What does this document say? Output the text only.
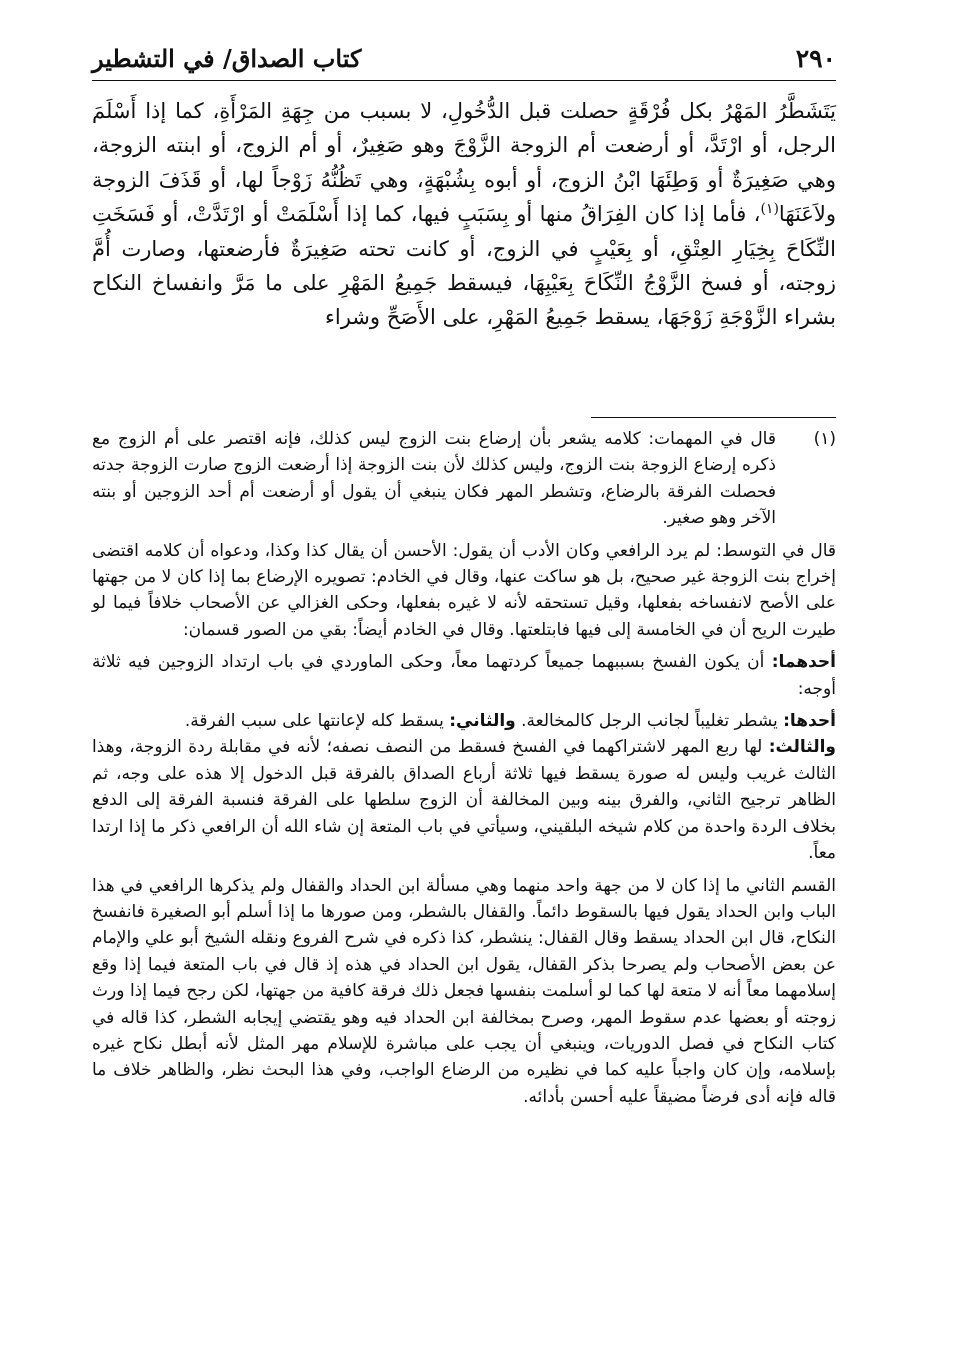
٢٩٠
كتاب الصداق/ في التشطير
يَتَشَطَّرُ المَهْرُ بكل فُرْقَةٍ حصلت قبل الدُّخُولِ، لا بسبب من جِهَةِ المَرْأَةِ، كما إذا أَسْلَمَ الرجل، أو ارْتَدَّ، أو أرضعت أم الزوجة الزَّوْجَ وهو صَغِيرٌ، أو أم الزوج، أو ابنته الزوجة، وهي صَغِيرَةٌ أو وَطِئَهَا ابْنُ الزوج، أو أبوه بِشُبْهَةٍ، وهي تَظُنُّهُ زَوْجاً لها، أو قَذَفَ الزوجة ولاَعَنَهَا$^{(١)}$، فأما إذا كان الفِرَاقُ منها أو بِسَبَبٍ فيها، كما إذا أَسْلَمَتْ أو ارْتَدَّتْ، أو فَسَخَتِ النِّكَاحَ بِخِيَارِ العِتْقِ، أو بِعَيْبٍ في الزوج، أو كانت تحته صَغِيرَةٌ فأرضعتها، وصارت أُمَّ زوجته، أو فسخ الزَّوْجُ النِّكَاحَ بِعَيْبِهَا، فيسقط جَمِيعُ المَهْرِ على ما مَرَّ وانفساخ النكاح بشراء الزَّوْجَةِ زَوْجَهَا، يسقط جَمِيعُ المَهْرِ، على الأَصَحِّ وشراء
(١)

قال في المهمات: كلامه يشعر بأن إرضاع بنت الزوج ليس كذلك، فإنه اقتصر على أم الزوج مع ذكره إرضاع الزوجة بنت الزوج، وليس كذلك لأن بنت الزوجة إذا أرضعت الزوج صارت الزوجة جدته فحصلت الفرقة بالرضاع، وتشطر المهر فكان ينبغي أن يقول أو أرضعت أم أحد الزوجين أو بنته الآخر وهو صغير.

قال في التوسط: لم يرد الرافعي وكان الأدب أن يقول: الأحسن أن يقال كذا وكذا، ودعواه أن كلامه اقتضى إخراج بنت الزوجة غير صحيح، بل هو ساكت عنها، وقال في الخادم: تصويره الإرضاع بما إذا كان لا من جهتها على الأصح لانفساخه بفعلها، وقيل تستحقه لأنه لا غيره بفعلها، وحكى الغزالي عن الأصحاب خلافاً فيما لو طيرت الريح أن في الخامسة إلى فيها فابتلعتها. وقال في الخادم أيضاً: بقي من الصور قسمان:

أحدهما: أن يكون الفسخ بسببهما جميعاً كردتهما معاً، وحكى الماوردي في باب ارتداد الزوجين فيه ثلاثة أوجه:

أحدها: يشطر تغليباً لجانب الرجل كالمخالعة. والثاني: يسقط كله لإعانتها على سبب الفرقة.

والثالث: لها ربع المهر لاشتراكهما في الفسخ فسقط من النصف نصفه؛ لأنه في مقابلة ردة الزوجة، وهذا الثالث غريب وليس له صورة يسقط فيها ثلاثة أرباع الصداق بالفرقة قبل الدخول إلا هذه على وجه، ثم الظاهر ترجيح الثاني، والفرق بينه وبين المخالفة أن الزوج سلطها على الفرقة فنسبة الفرقة إلى الدفع بخلاف الردة واحدة من كلام شيخه البلقيني، وسيأتي في باب المتعة إن شاء الله أن الرافعي ذكر ما إذا ارتدا معاً.

القسم الثاني ما إذا كان لا من جهة واحد منهما وهي مسألة ابن الحداد والقفال ولم يذكرها الرافعي في هذا الباب وابن الحداد يقول فيها بالسقوط دائماً. والقفال بالشطر، ومن صورها ما إذا أسلم أبو الصغيرة فانفسخ النكاح، قال ابن الحداد يسقط وقال القفال: ينشطر، كذا ذكره في شرح الفروع ونقله الشيخ أبو علي والإمام عن بعض الأصحاب ولم يصرحا بذكر القفال، يقول ابن الحداد في هذه إذ قال في باب المتعة فيما إذا وقع إسلامهما معاً أنه لا متعة لها كما لو أسلمت بنفسها فجعل ذلك فرقة كافية من جهتها، لكن رجح فيما إذا ورث زوجته أو بعضها عدم سقوط المهر، وصرح بمخالفة ابن الحداد فيه وهو يقتضي إيجابه الشطر، كذا قاله في كتاب النكاح في فصل الدوريات، وينبغي أن يجب على مباشرة للإسلام مهر المثل لأنه أبطل نكاح غيره بإسلامه، وإن كان واجباً عليه كما في نظيره من الرضاع الواجب، وفي هذا البحث نظر، والظاهر خلاف ما قاله فإنه أدى فرضاً مضيقاً عليه أحسن بأدائه.
